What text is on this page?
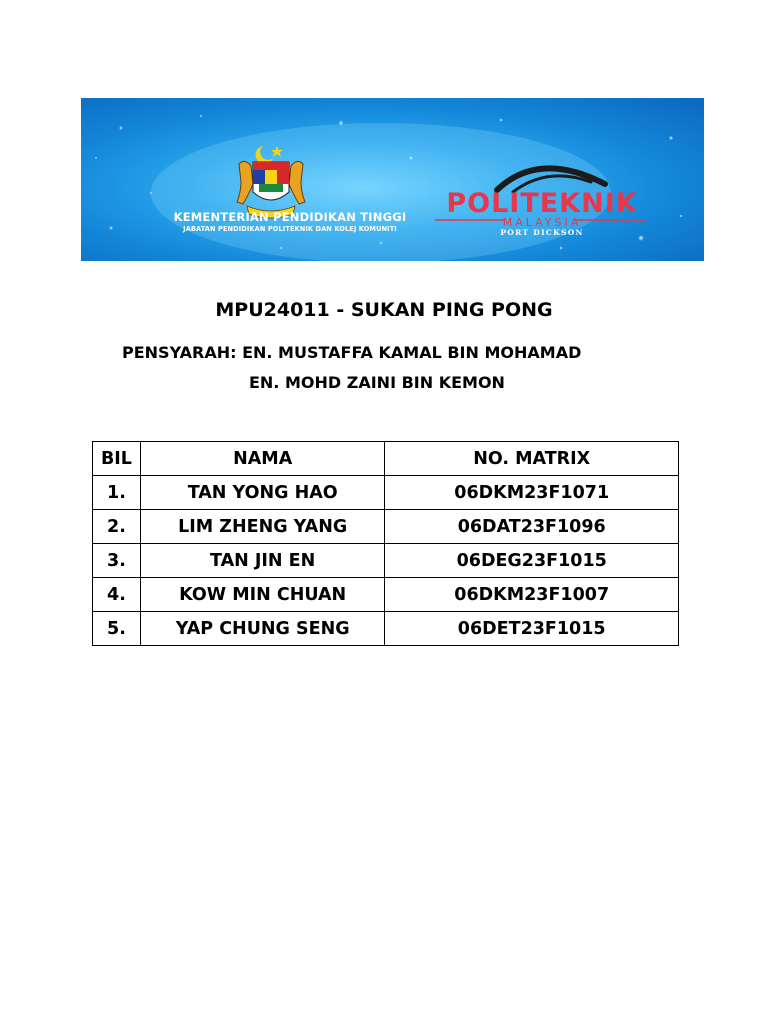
KEMENTERIAN PENDIDIKAN TINGGI
JABATAN PENDIDIKAN POLITEKNIK DAN KOLEJ KOMUNITI
POLITEKNIK
MALAYSIA
PORT DICKSON
MPU24011 - SUKAN PING PONG
PENSYARAH: EN. MUSTAFFA KAMAL BIN MOHAMAD
EN. MOHD ZAINI BIN KEMON
BIL	NAMA	NO. MATRIX
1.	TAN YONG HAO	06DKM23F1071
2.	LIM ZHENG YANG	06DAT23F1096
3.	TAN JIN EN	06DEG23F1015
4.	KOW MIN CHUAN	06DKM23F1007
5.	YAP CHUNG SENG	06DET23F1015
